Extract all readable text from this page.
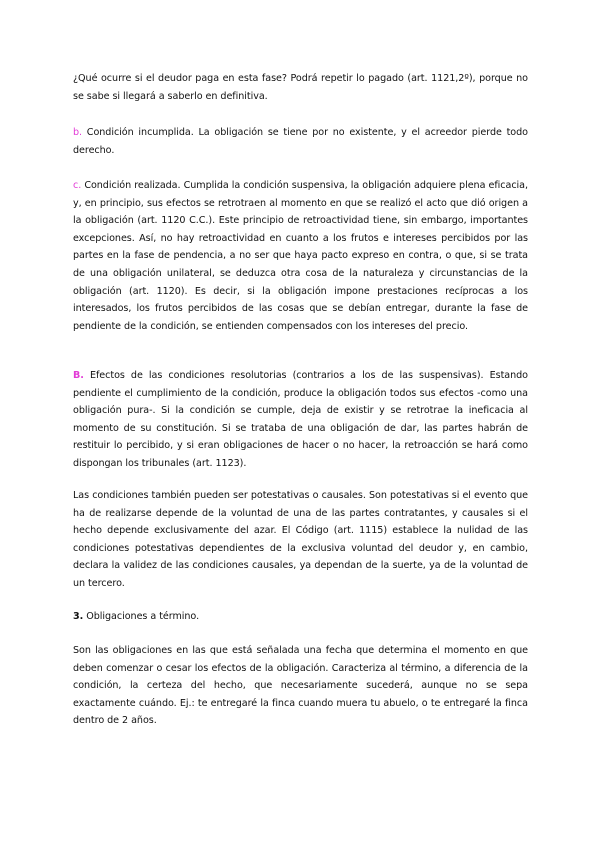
¿Qué ocurre si el deudor paga en esta fase? Podrá repetir lo pagado (art. 1121,2º), porque no se sabe si llegará a saberlo en definitiva.

b. Condición incumplida. La obligación se tiene por no existente, y el acreedor pierde todo derecho.

c. Condición realizada. Cumplida la condición suspensiva, la obligación adquiere plena eficacia, y, en principio, sus efectos se retrotraen al momento en que se realizó el acto que dió origen a la obligación (art. 1120 C.C.). Este principio de retroactividad tiene, sin embargo, importantes excepciones. Así, no hay retroactividad en cuanto a los frutos e intereses percibidos por las partes en la fase de pendencia, a no ser que haya pacto expreso en contra, o que, si se trata de una obligación unilateral, se deduzca otra cosa de la naturaleza y circunstancias de la obligación (art. 1120). Es decir, si la obligación impone prestaciones recíprocas a los interesados, los frutos percibidos de las cosas que se debían entregar, durante la fase de pendiente de la condición, se entienden compensados con los intereses del precio.

B. Efectos de las condiciones resolutorias (contrarios a los de las suspensivas). Estando pendiente el cumplimiento de la condición, produce la obligación todos sus efectos -como una obligación pura-. Si la condición se cumple, deja de existir y se retrotrae la ineficacia al momento de su constitución. Si se trataba de una obligación de dar, las partes habrán de restituir lo percibido, y si eran obligaciones de hacer o no hacer, la retroacción se hará como dispongan los tribunales (art. 1123).

Las condiciones también pueden ser potestativas o causales. Son potestativas si el evento que ha de realizarse depende de la voluntad de una de las partes contratantes, y causales si el hecho depende exclusivamente del azar. El Código (art. 1115) establece la nulidad de las condiciones potestativas dependientes de la exclusiva voluntad del deudor y, en cambio, declara la validez de las condiciones causales, ya dependan de la suerte, ya de la voluntad de un tercero.

3. Obligaciones a término.

Son las obligaciones en las que está señalada una fecha que determina el momento en que deben comenzar o cesar los efectos de la obligación. Caracteriza al término, a diferencia de la condición, la certeza del hecho, que necesariamente sucederá, aunque no se sepa exactamente cuándo. Ej.: te entregaré la finca cuando muera tu abuelo, o te entregaré la finca dentro de 2 años.
